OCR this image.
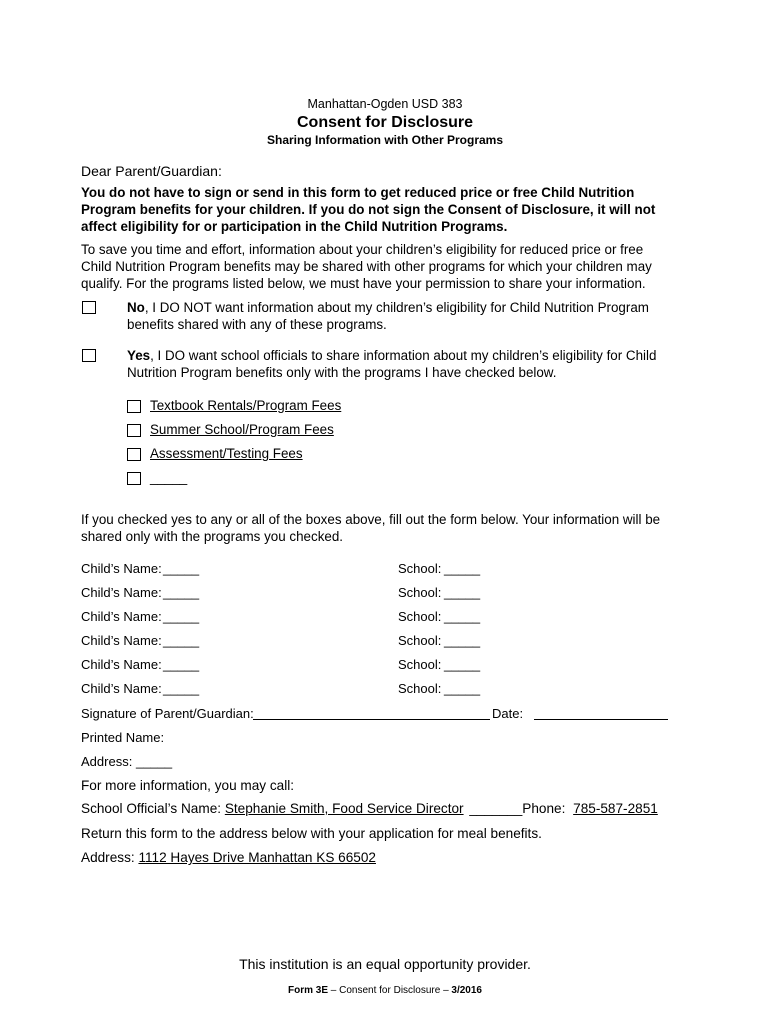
Manhattan-Ogden USD 383
Consent for Disclosure
Sharing Information with Other Programs
Dear Parent/Guardian:
You do not have to sign or send in this form to get reduced price or free Child Nutrition
Program benefits for your children. If you do not sign the Consent of Disclosure, it will not
affect eligibility for or participation in the Child Nutrition Programs.
To save you time and effort, information about your children’s eligibility for reduced price or free
Child Nutrition Program benefits may be shared with other programs for which your children may
qualify. For the programs listed below, we must have your permission to share your information.
No, I DO NOT want information about my children’s eligibility for Child Nutrition Program
benefits shared with any of these programs.
Yes, I DO want school officials to share information about my children’s eligibility for Child
Nutrition Program benefits only with the programs I have checked below.
Textbook Rentals/Program Fees
Summer School/Program Fees
Assessment/Testing Fees
_____
If you checked yes to any or all of the boxes above, fill out the form below. Your information will be
shared only with the programs you checked.
Child’s Name: _____	School: _____
Child’s Name: _____	School: _____
Child’s Name: _____	School: _____
Child’s Name: _____	School: _____
Child’s Name: _____	School: _____
Child’s Name: _____	School: _____
Signature of Parent/Guardian:	Date:
Printed Name:
Address: _____
For more information, you may call:
School Official’s Name: Stephanie Smith, Food Service Director _______Phone: 785-587-2851
Return this form to the address below with your application for meal benefits.
Address: 1112 Hayes Drive Manhattan KS 66502
This institution is an equal opportunity provider.
Form 3E – Consent for Disclosure – 3/2016
